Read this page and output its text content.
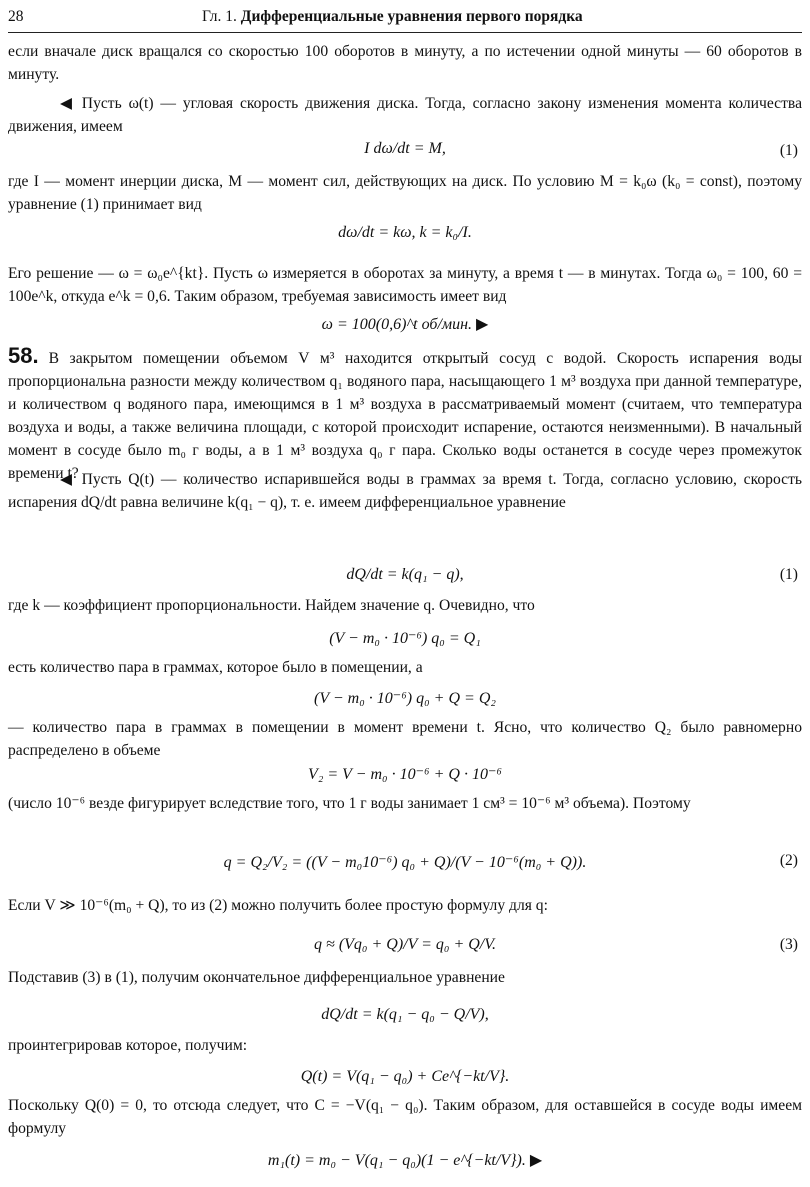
28	Гл. 1. Дифференциальные уравнения первого порядка

если вначале диск вращался со скоростью 100 оборотов в минуту, а по истечении одной минуты — 60 оборотов в минуту.

◀ Пусть ω(t) — угловая скорость движения диска. Тогда, согласно закону изменения момента количества движения, имеем

I dω/dt = M,	(1)

где I — момент инерции диска, M — момент сил, действующих на диск. По условию M = k₀ω (k₀ = const), поэтому уравнение (1) принимает вид

dω/dt = kω, k = k₀/I.

Его решение — ω = ω₀e^{kt}. Пусть ω измеряется в оборотах за минуту, а время t — в минутах. Тогда ω₀ = 100, 60 = 100e^k, откуда e^k = 0,6. Таким образом, требуемая зависимость имеет вид

ω = 100(0,6)^t об/мин. ▶

58. В закрытом помещении объемом V м³ находится открытый сосуд с водой. Скорость испарения воды пропорциональна разности между количеством q₁ водяного пара, насыщающего 1 м³ воздуха при данной температуре, и количеством q водяного пара, имеющимся в 1 м³ воздуха в рассматриваемый момент (считаем, что температура воздуха и воды, а также величина площади, с которой происходит испарение, остаются неизменными). В начальный момент в сосуде было m₀ г воды, а в 1 м³ воздуха q₀ г пара. Сколько воды останется в сосуде через промежуток времени t?

◀ Пусть Q(t) — количество испарившейся воды в граммах за время t. Тогда, согласно условию, скорость испарения dQ/dt равна величине k(q₁ − q), т. е. имеем дифференциальное уравнение

dQ/dt = k(q₁ − q),	(1)

где k — коэффициент пропорциональности. Найдем значение q. Очевидно, что

(V − m₀ · 10⁻⁶) q₀ = Q₁

есть количество пара в граммах, которое было в помещении, а

(V − m₀ · 10⁻⁶) q₀ + Q = Q₂

— количество пара в граммах в помещении в момент времени t. Ясно, что количество Q₂ было равномерно распределено в объеме

V₂ = V − m₀ · 10⁻⁶ + Q · 10⁻⁶

(число 10⁻⁶ везде фигурирует вследствие того, что 1 г воды занимает 1 см³ = 10⁻⁶ м³ объема). Поэтому

q = Q₂/V₂ = ((V − m₀10⁻⁶) q₀ + Q)/(V − 10⁻⁶(m₀ + Q)).	(2)

Если V ≫ 10⁻⁶(m₀ + Q), то из (2) можно получить более простую формулу для q:

q ≈ (Vq₀ + Q)/V = q₀ + Q/V.	(3)

Подставив (3) в (1), получим окончательное дифференциальное уравнение

dQ/dt = k(q₁ − q₀ − Q/V),

проинтегрировав которое, получим:

Q(t) = V(q₁ − q₀) + Ce^{−kt/V}.

Поскольку Q(0) = 0, то отсюда следует, что C = −V(q₁ − q₀). Таким образом, для оставшейся в сосуде воды имеем формулу

m₁(t) = m₀ − V(q₁ − q₀)(1 − e^{−kt/V}). ▶
